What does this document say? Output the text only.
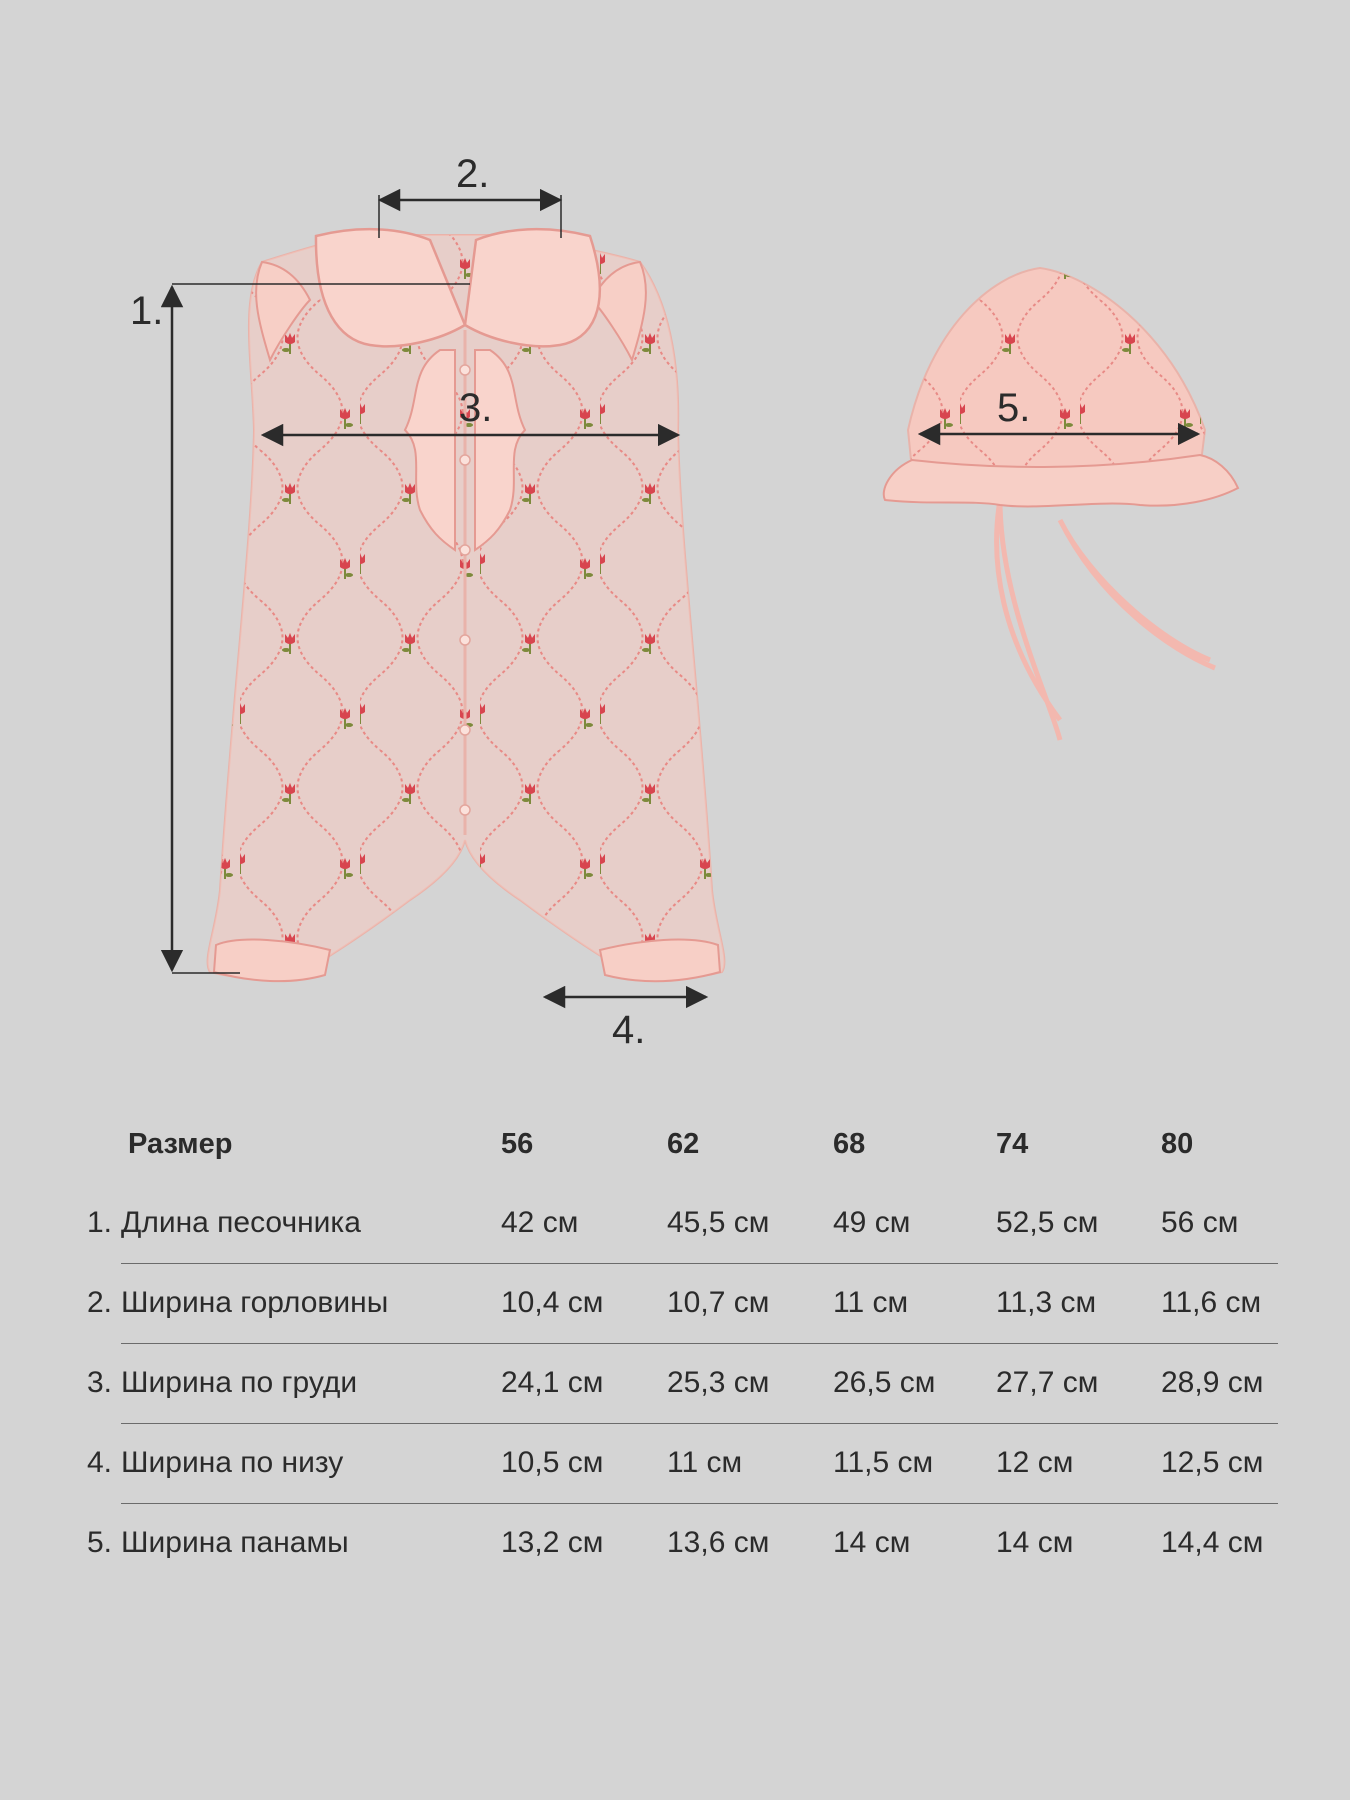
1.
2.
3.
4.
5.
Размер	56	62	68	74	80
1. Длина песочника	42 см	45,5 см 49 см	52,5 см 56 см
2. Ширина горловины	10,4 см 10,7 см 11 см	11,3 см 11,6 см
3. Ширина по груди	24,1 см 25,3 см 26,5 см 27,7 см 28,9 см
4. Ширина по низу	10,5 см 11 см	11,5 см 12 см	12,5 см
5. Ширина панамы	13,2 см 13,6 см 14 см	14 см	14,4 см
